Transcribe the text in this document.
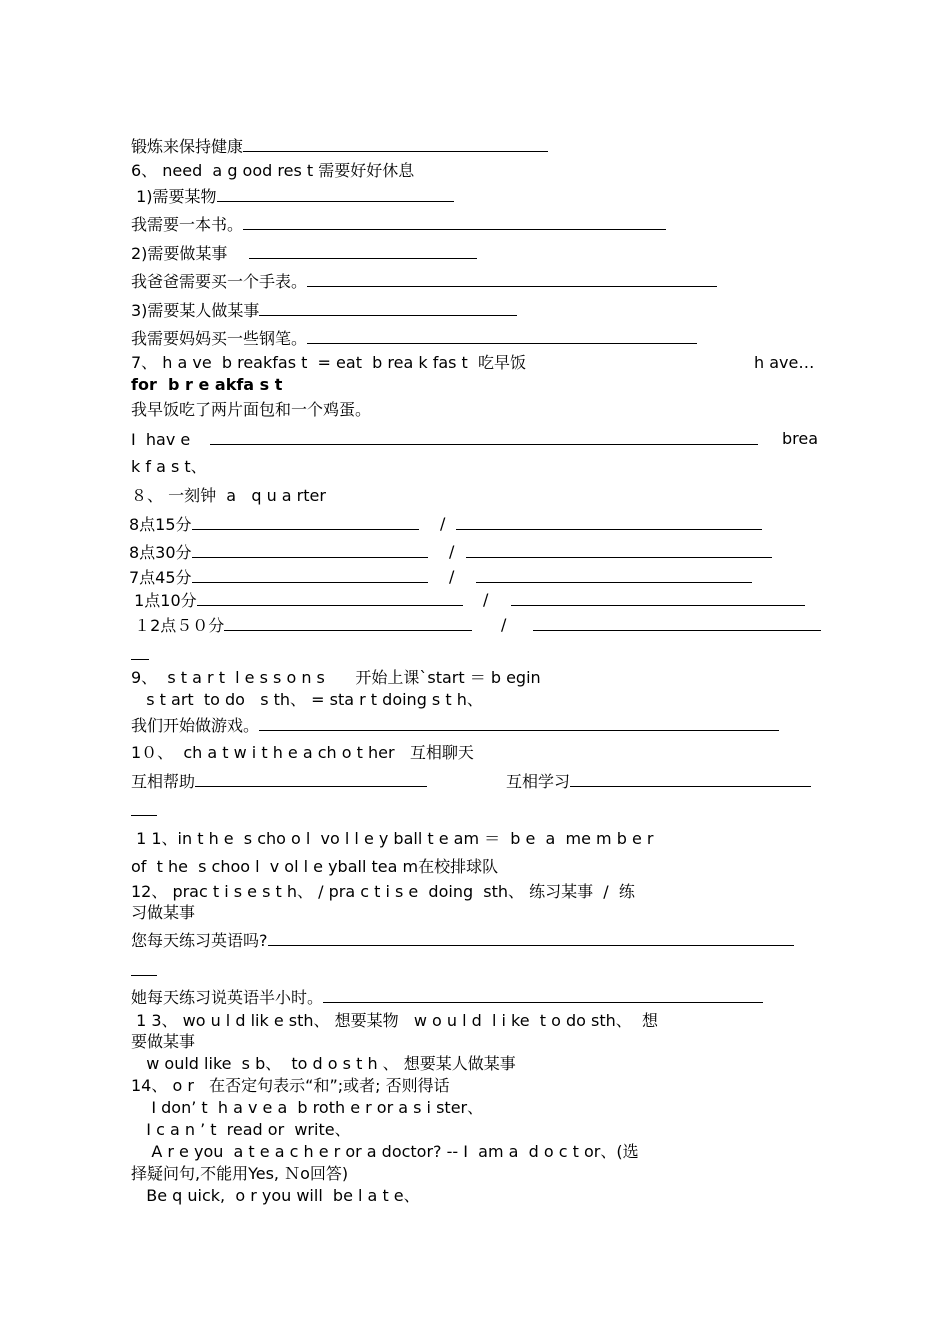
锻炼来保持健康
6、 need  a g ood res t 需要好好休息
1)需要某物
我需要一本书。
2)需要做某事
我爸爸需要买一个手表。
3)需要某人做某事
我需要妈妈买一些钢笔。
7、 h a ve  b reakfas t  = eat  b rea k fas t  吃早饭	h ave…
for  b r e akfa s t
我早饭吃了两片面包和一个鸡蛋。
I  hav e	brea
k f a s t、
８、 一刻钟  a   q u a rter
8点15分	/
8点30分	/
7点45分	/
1点10分	/
１2点５０分	/
9、  s t a r t  l e s s o n s      开始上课`start ＝ b egin
s t art  to do   s th、 = sta r t doing s t h、
我们开始做游戏。
1０、  ch a t w i t h e a ch o t her   互相聊天
互相帮助	互相学习
1 1、in t h e  s cho o l  vo l l e y ball t e am ＝  b e  a  me m b e r
of  t he  s choo l  v ol l e yball tea m在校排球队
12、 prac t i s e s t h、 / pra c t i s e  doing  sth、 练习某事  /  练
习做某事
您每天练习英语吗?
她每天练习说英语半小时。
1 3、 wo u l d lik e sth、 想要某物   w o u l d  l i ke  t o do sth、  想
要做某事
w ould like  s b、  to d o s t h 、 想要某人做某事
14、 o r   在否定句表示“和”;或者; 否则得话
I don’ t  h a v e a  b roth e r or a s i ster、
I c a n ’ t  read or  write、
A r e you  a t e a c h e r or a doctor? -- I  am a  d o c t or、(选
择疑问句,不能用Yes, Ｎo回答)
Be q uick,  o r you will  be l a t e、
